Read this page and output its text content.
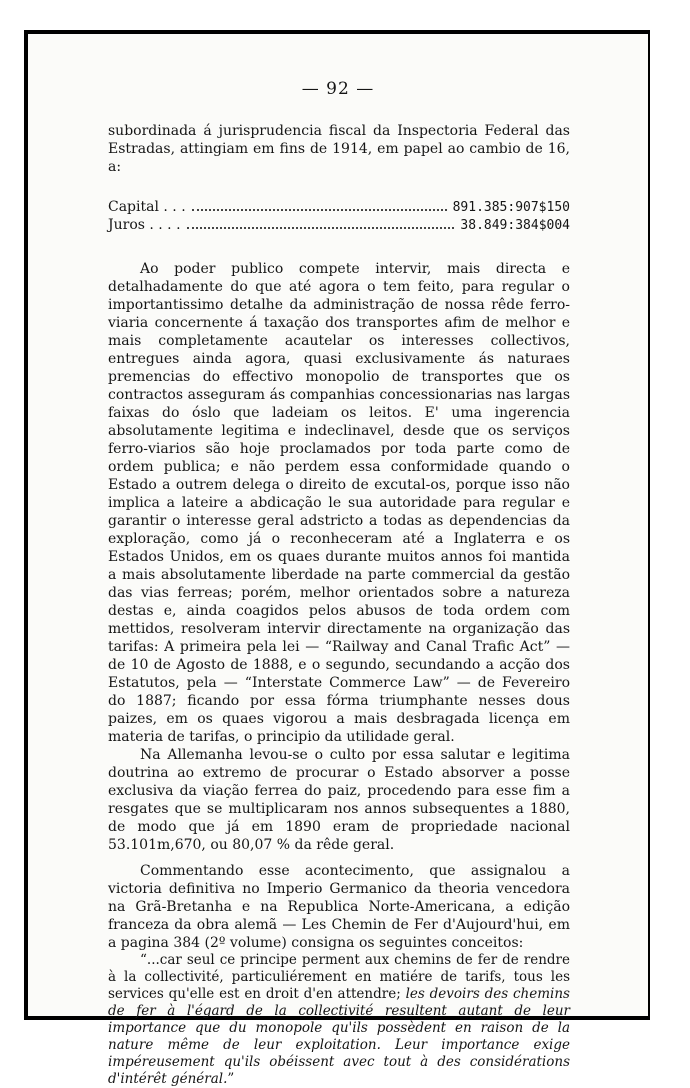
— 92 —

subordinada á jurisprudencia fiscal da Inspectoria Federal das Estradas, attingiam em fins de 1914, em papel ao cambio de 16, a:

Capital . . .	891.385:907$150
Juros . . . .	38.849:384$004

Ao poder publico compete intervir, mais directa e detalhadamente do que até agora o tem feito, para regular o importantissimo detalhe da administração de nossa rêde ferro-viaria concernente á taxação dos transportes afim de melhor e mais completamente acautelar os interesses collectivos, entregues ainda agora, quasi exclusivamente ás naturaes premencias do effectivo monopolio de transportes que os contractos asseguram ás companhias concessionarias nas largas faixas do óslo que ladeiam os leitos. E' uma ingerencia absolutamente legitima e indeclinavel, desde que os serviços ferro-viarios são hoje proclamados por toda parte como de ordem publica; e não perdem essa conformidade quando o Estado a outrem delega o direito de excutal-os, porque isso não implica a lateire a abdicação le sua autoridade para regular e garantir o interesse geral adstricto a todas as dependencias da exploração, como já o reconheceram até a Inglaterra e os Estados Unidos, em os quaes durante muitos annos foi mantida a mais absolutamente liberdade na parte commercial da gestão das vias ferreas; porém, melhor orientados sobre a natureza destas e, ainda coagidos pelos abusos de toda ordem com mettidos, resolveram intervir directamente na organização das tarifas: A primeira pela lei — “Railway and Canal Trafic Act” — de 10 de Agosto de 1888, e o segundo, secundando a acção dos Estatutos, pela — “Interstate Commerce Law” — de Fevereiro do 1887; ficando por essa fórma triumphante nesses dous paizes, em os quaes vigorou a mais desbragada licença em materia de tarifas, o principio da utilidade geral.

Na Allemanha levou-se o culto por essa salutar e legitima doutrina ao extremo de procurar o Estado absorver a posse exclusiva da viação ferrea do paiz, procedendo para esse fim a resgates que se multiplicaram nos annos subsequentes a 1880, de modo que já em 1890 eram de propriedade nacional 53.101m,670, ou 80,07 % da rêde geral.

Commentando esse acontecimento, que assignalou a victoria definitiva no Imperio Germanico da theoria vencedora na Grã-Bretanha e na Republica Norte-Americana, a edição franceza da obra alemã — Les Chemin de Fer d'Aujourd'hui, em a pagina 384 (2º volume) consigna os seguintes conceitos:

“...car seul ce principe perment aux chemins de fer de rendre à la collectivité, particuliérement en matiére de tarifs, tous les services qu'elle est en droit d'en attendre; les devoirs des chemins de fer à l'égard de la collectivité resultent autant de leur importance que du monopole qu'ils possèdent en raison de la nature même de leur exploitation. Leur importance exige impéreusement qu'ils obéissent avec tout à des considérations d'intérêt général.”
